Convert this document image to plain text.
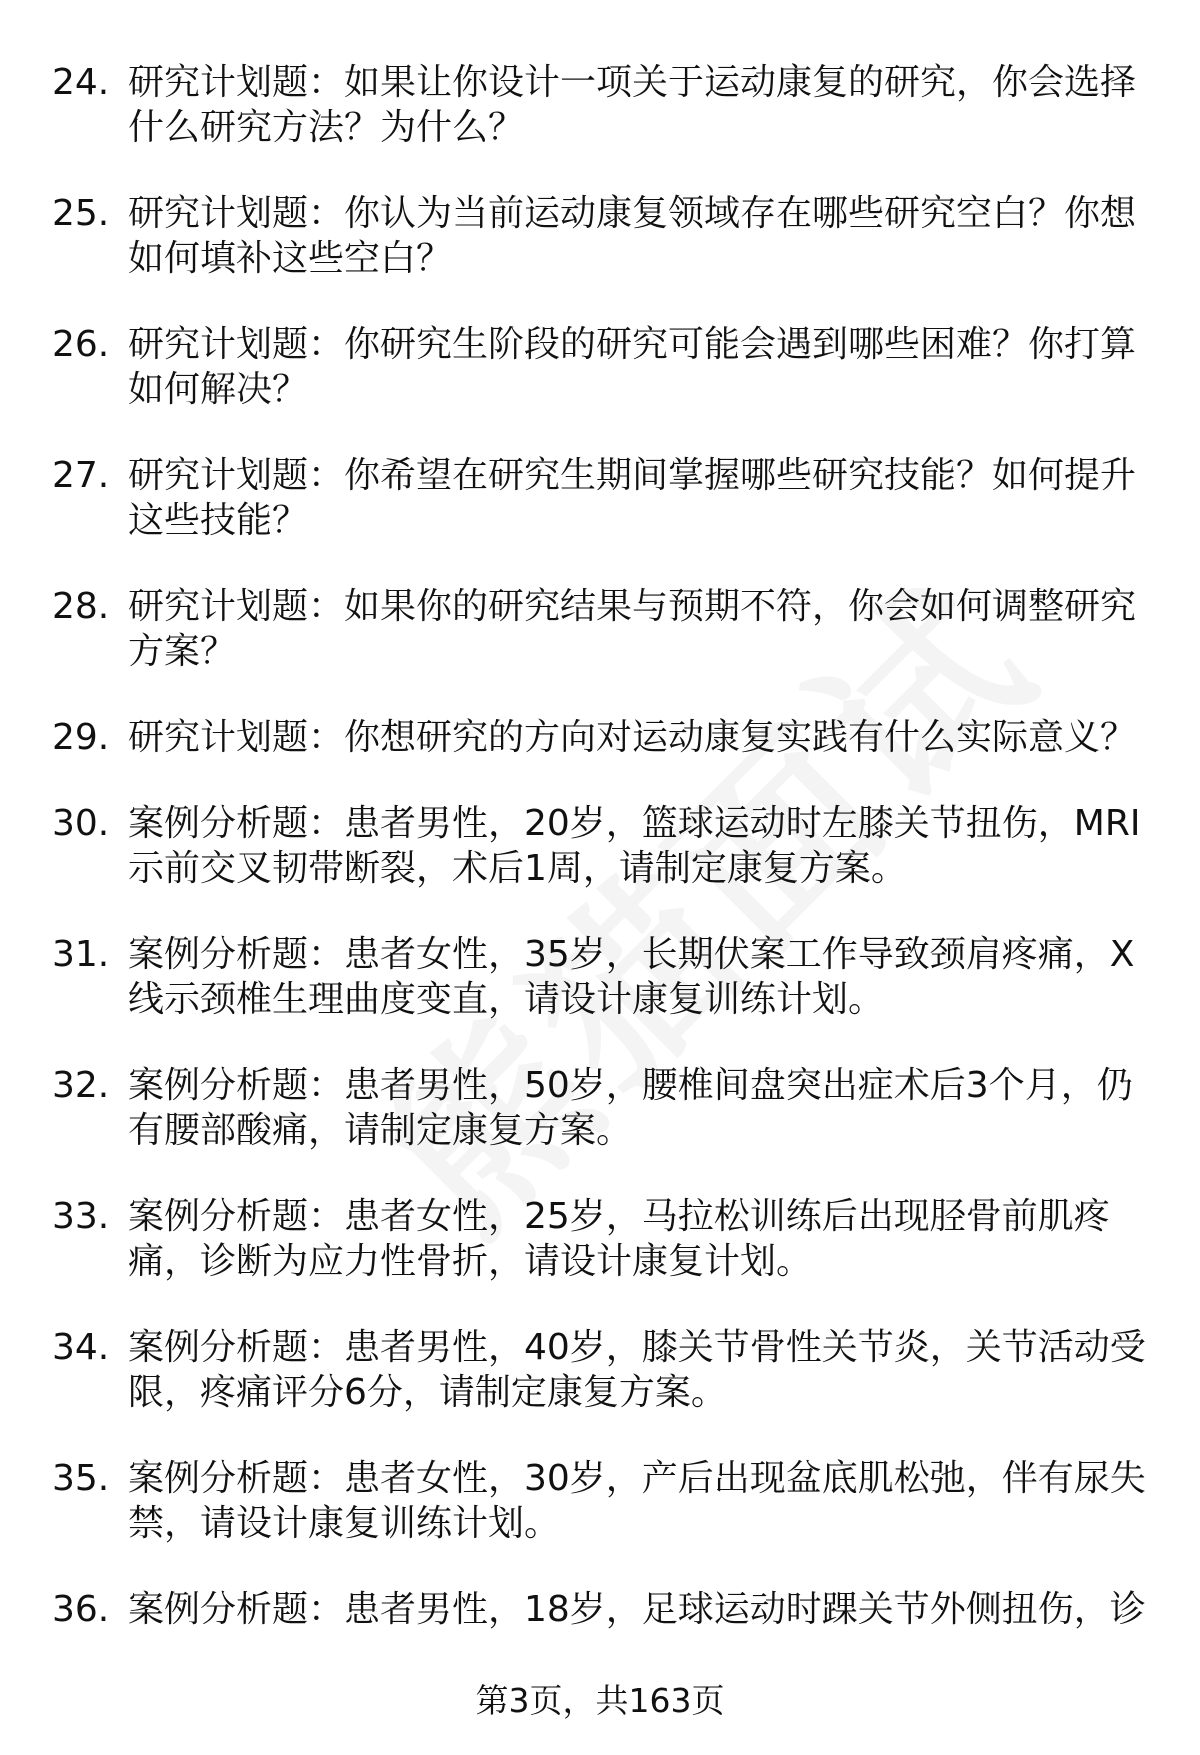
24. 研究计划题：如果让你设计一项关于运动康复的研究，你会选择什么研究方法？为什么？
25. 研究计划题：你认为当前运动康复领域存在哪些研究空白？你想如何填补这些空白？
26. 研究计划题：你研究生阶段的研究可能会遇到哪些困难？你打算如何解决？
27. 研究计划题：你希望在研究生期间掌握哪些研究技能？如何提升这些技能？
28. 研究计划题：如果你的研究结果与预期不符，你会如何调整研究方案？
29. 研究计划题：你想研究的方向对运动康复实践有什么实际意义？
30. 案例分析题：患者男性，20岁，篮球运动时左膝关节扭伤，MRI示前交叉韧带断裂，术后1周，请制定康复方案。
31. 案例分析题：患者女性，35岁，长期伏案工作导致颈肩疼痛，X线示颈椎生理曲度变直，请设计康复训练计划。
32. 案例分析题：患者男性，50岁，腰椎间盘突出症术后3个月，仍有腰部酸痛，请制定康复方案。
33. 案例分析题：患者女性，25岁，马拉松训练后出现胫骨前肌疼痛，诊断为应力性骨折，请设计康复计划。
34. 案例分析题：患者男性，40岁，膝关节骨性关节炎，关节活动受限，疼痛评分6分，请制定康复方案。
35. 案例分析题：患者女性，30岁，产后出现盆底肌松弛，伴有尿失禁，请设计康复训练计划。
36. 案例分析题：患者男性，18岁，足球运动时踝关节外侧扭伤，诊
第3页，共163页
